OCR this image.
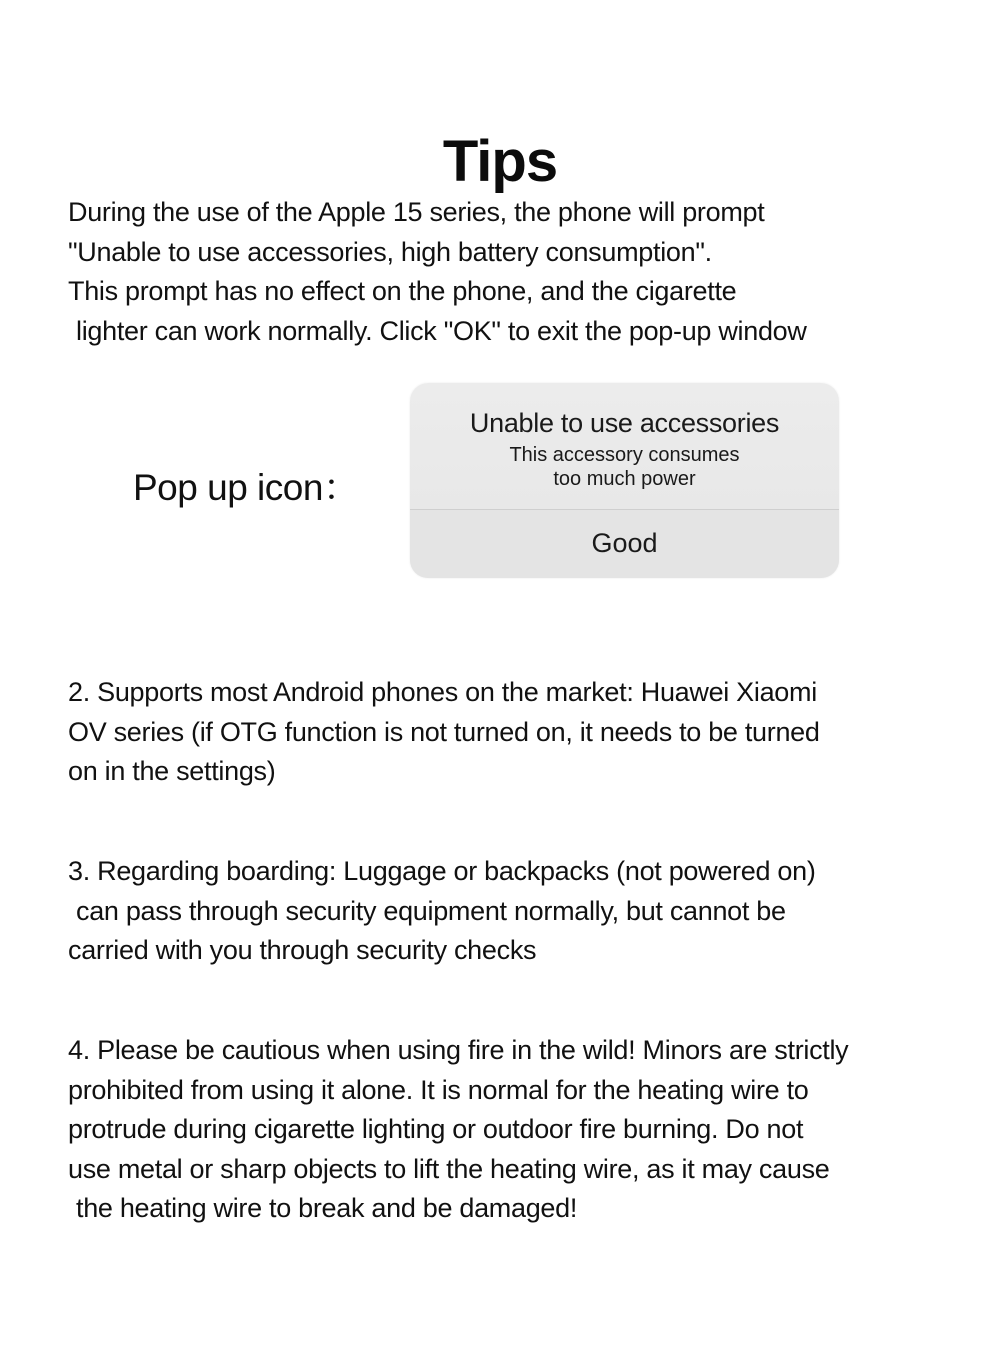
Tips
During the use of the Apple 15 series, the phone will prompt
"Unable to use accessories, high battery consumption".
This prompt has no effect on the phone, and the cigarette
lighter can work normally. Click "OK" to exit the pop-up window
Pop up icon：
Unable to use accessories
This accessory consumes
too much power
Good
2. Supports most Android phones on the market: Huawei Xiaomi
OV series (if OTG function is not turned on, it needs to be turned
on in the settings)
3. Regarding boarding: Luggage or backpacks (not powered on)
can pass through security equipment normally, but cannot be
carried with you through security checks
4. Please be cautious when using fire in the wild! Minors are strictly
prohibited from using it alone. It is normal for the heating wire to
protrude during cigarette lighting or outdoor fire burning. Do not
use metal or sharp objects to lift the heating wire, as it may cause
the heating wire to break and be damaged!
